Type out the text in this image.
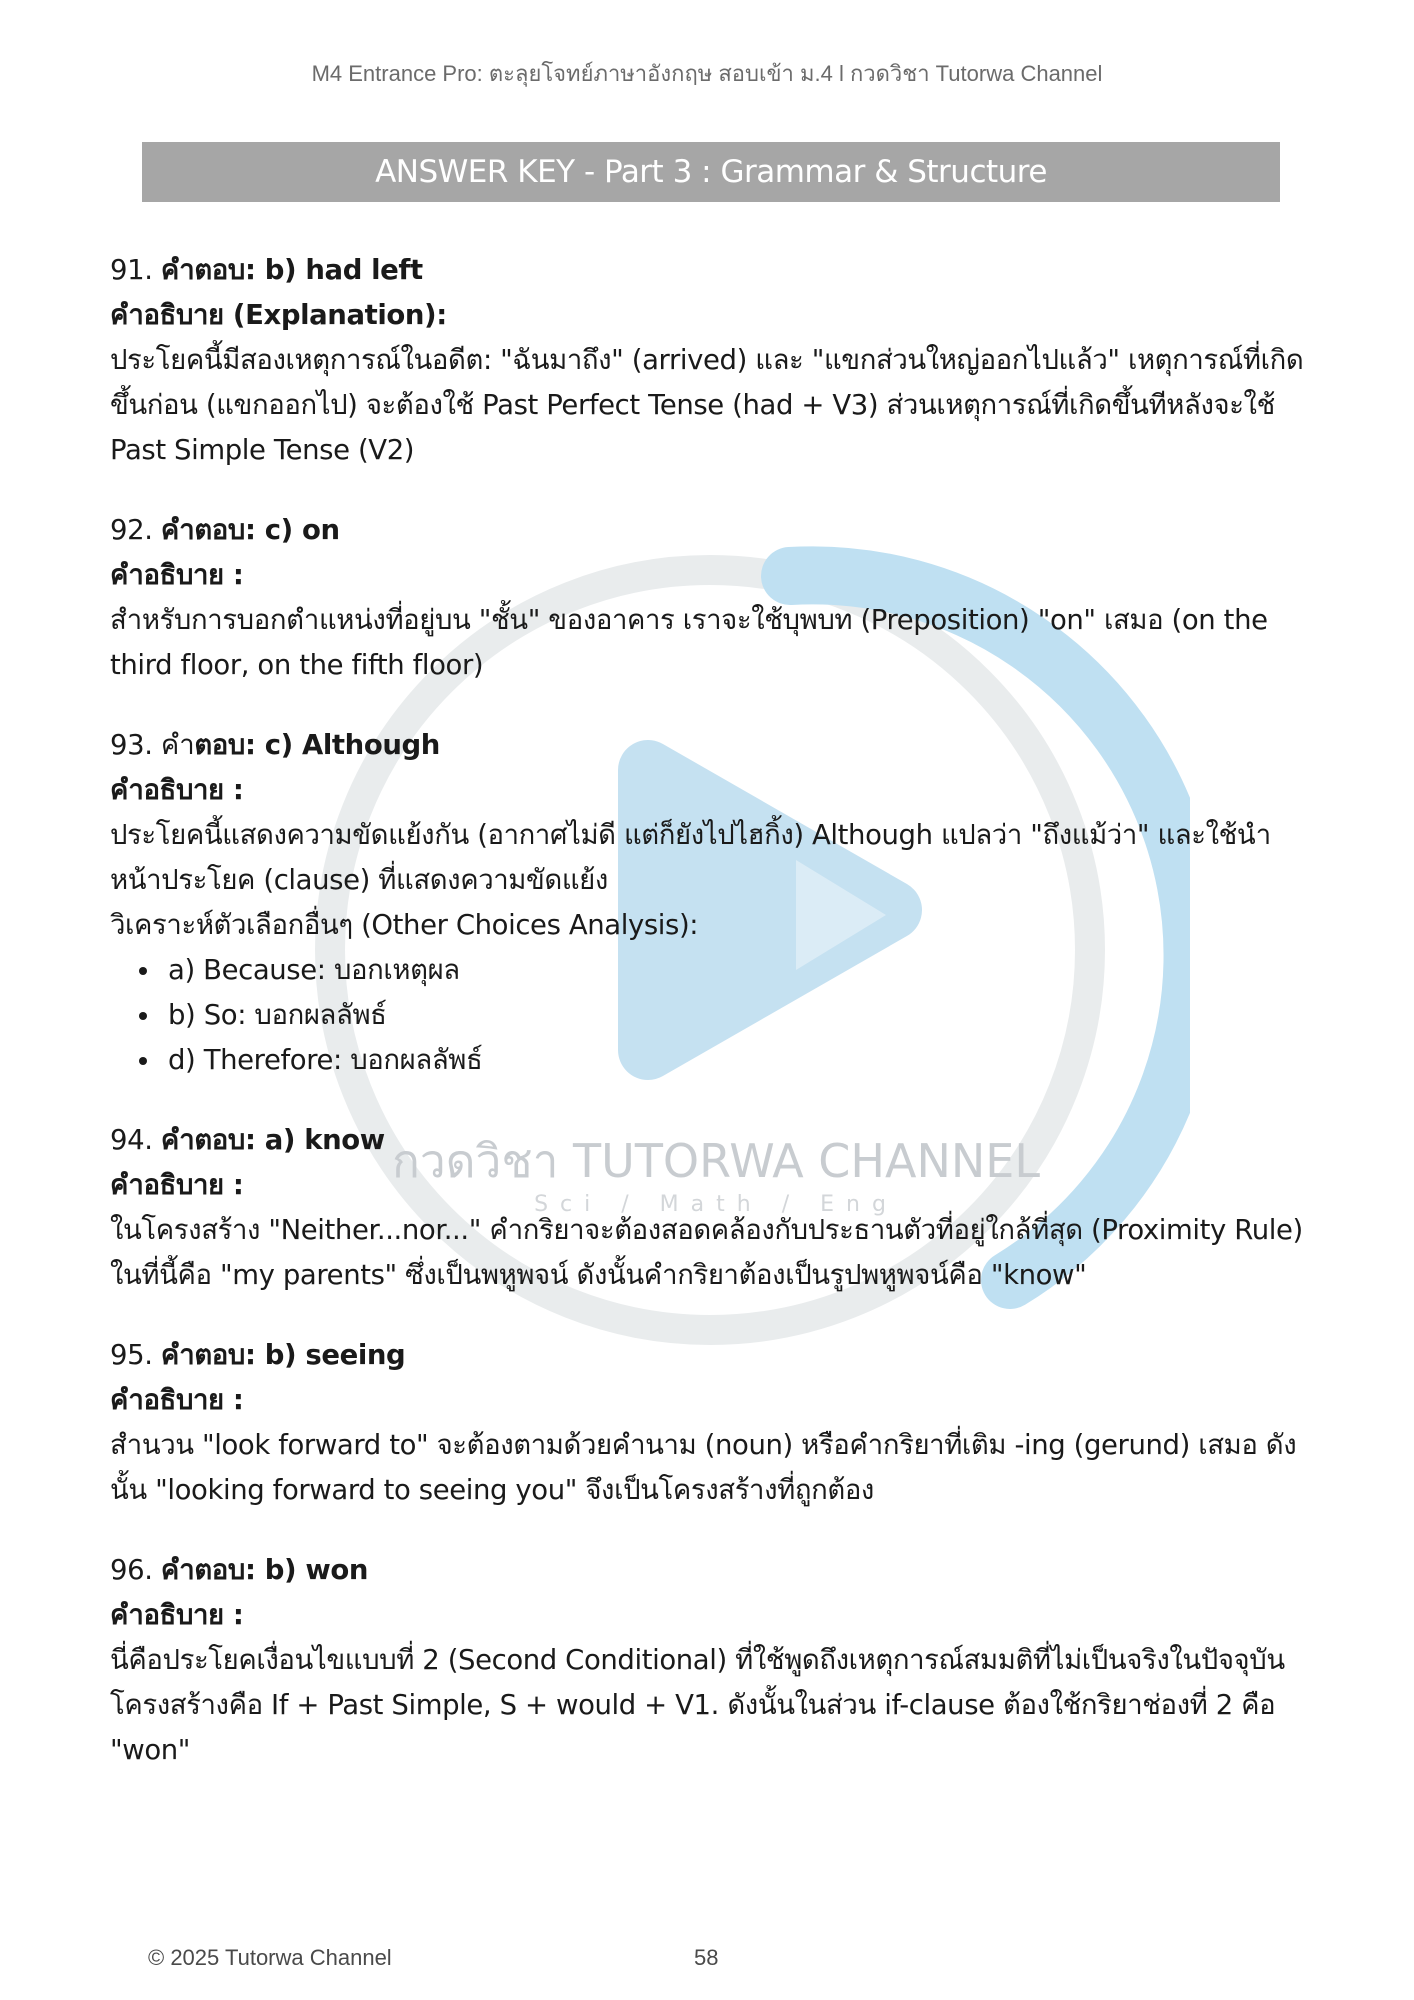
M4 Entrance Pro: ตะลุยโจทย์ภาษาอังกฤษ สอบเข้า ม.4 l กวดวิชา Tutorwa Channel
ANSWER KEY - Part 3 : Grammar & Structure
กวดวิชา TUTORWA CHANNEL
Sci / Math / Eng

91. คำตอบ: b) had left

คำอธิบาย (Explanation):

ประโยคนี้มีสองเหตุการณ์ในอดีต: "ฉันมาถึง" (arrived) และ "แขกส่วนใหญ่ออกไปแล้ว" เหตุการณ์ที่เกิดขึ้นก่อน (แขกออกไป) จะต้องใช้ Past Perfect Tense (had + V3) ส่วนเหตุการณ์ที่เกิดขึ้นทีหลังจะใช้ Past Simple Tense (V2)

92. คำตอบ: c) on

คำอธิบาย :

สำหรับการบอกตำแหน่งที่อยู่บน "ชั้น" ของอาคาร เราจะใช้บุพบท (Preposition) "on" เสมอ (on the third floor, on the fifth floor)

93. คำตอบ: c) Although

คำอธิบาย :

ประโยคนี้แสดงความขัดแย้งกัน (อากาศไม่ดี แต่ก็ยังไปไฮกิ้ง) Although แปลว่า "ถึงแม้ว่า" และใช้นำหน้าประโยค (clause) ที่แสดงความขัดแย้ง

วิเคราะห์ตัวเลือกอื่นๆ (Other Choices Analysis):

• a) Because: บอกเหตุผล
• b) So: บอกผลลัพธ์
• d) Therefore: บอกผลลัพธ์

94. คำตอบ: a) know

คำอธิบาย :

ในโครงสร้าง "Neither...nor..." คำกริยาจะต้องสอดคล้องกับประธานตัวที่อยู่ใกล้ที่สุด (Proximity Rule) ในที่นี้คือ "my parents" ซึ่งเป็นพหูพจน์ ดังนั้นคำกริยาต้องเป็นรูปพหูพจน์คือ "know"

95. คำตอบ: b) seeing

คำอธิบาย :

สำนวน "look forward to" จะต้องตามด้วยคำนาม (noun) หรือคำกริยาที่เติม -ing (gerund) เสมอ ดังนั้น "looking forward to seeing you" จึงเป็นโครงสร้างที่ถูกต้อง

96. คำตอบ: b) won

คำอธิบาย :

นี่คือประโยคเงื่อนไขแบบที่ 2 (Second Conditional) ที่ใช้พูดถึงเหตุการณ์สมมติที่ไม่เป็นจริงในปัจจุบัน โครงสร้างคือ If + Past Simple, S + would + V1. ดังนั้นในส่วน if-clause ต้องใช้กริยาช่องที่ 2 คือ "won"

© 2025 Tutorwa Channel	58
